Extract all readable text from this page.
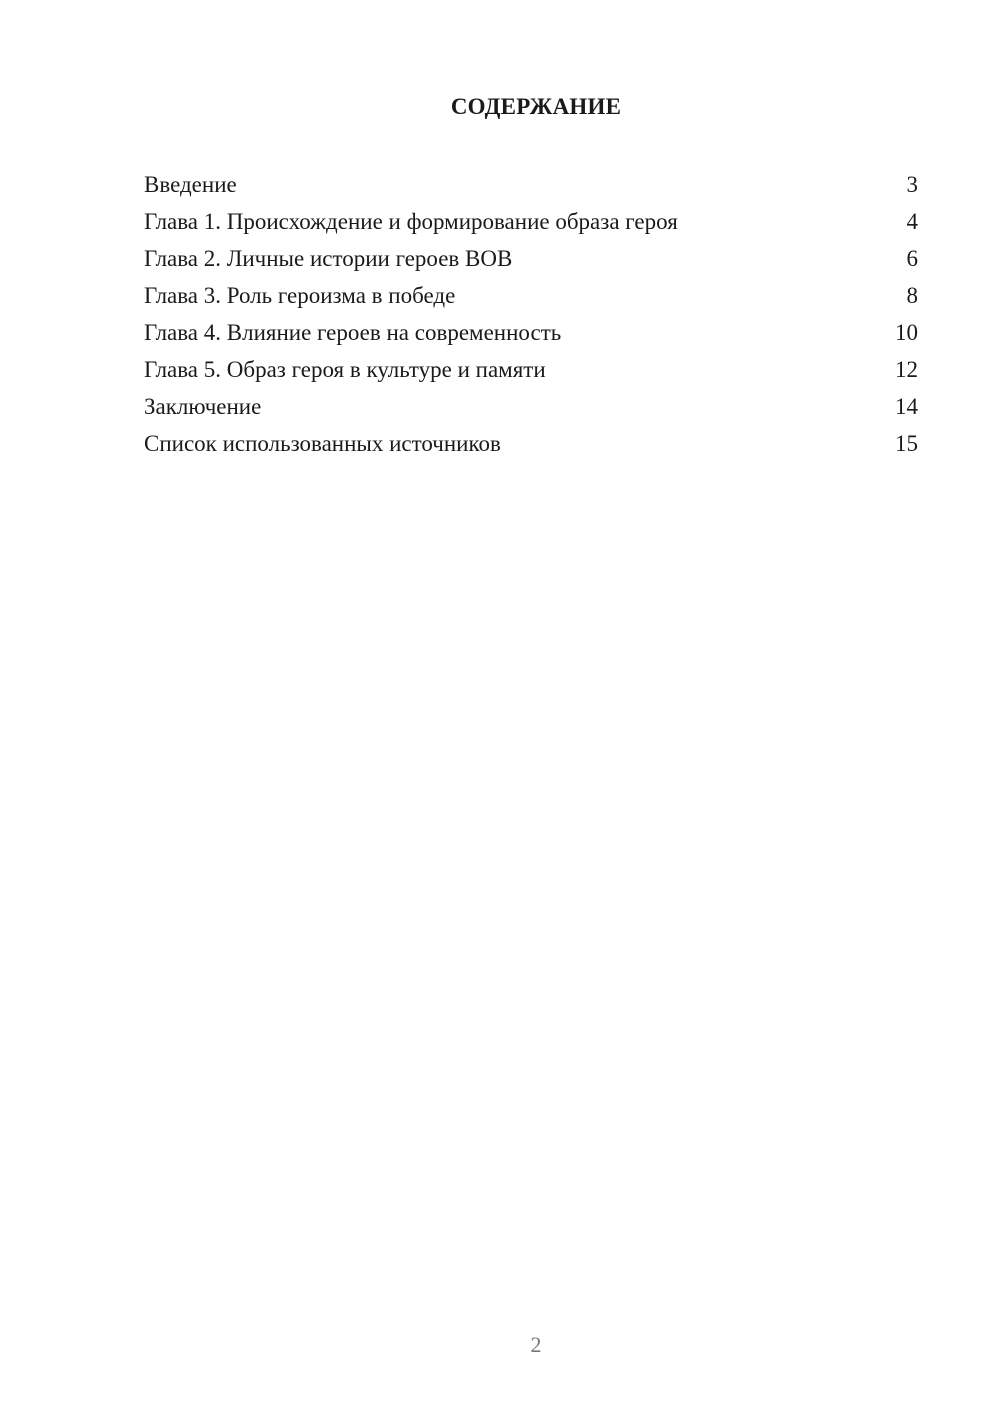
СОДЕРЖАНИЕ
Введение	3
Глава 1. Происхождение и формирование образа героя	4
Глава 2. Личные истории героев ВОВ	6
Глава 3. Роль героизма в победе	8
Глава 4. Влияние героев на современность	10
Глава 5. Образ героя в культуре и памяти	12
Заключение	14
Список использованных источников	15
2
